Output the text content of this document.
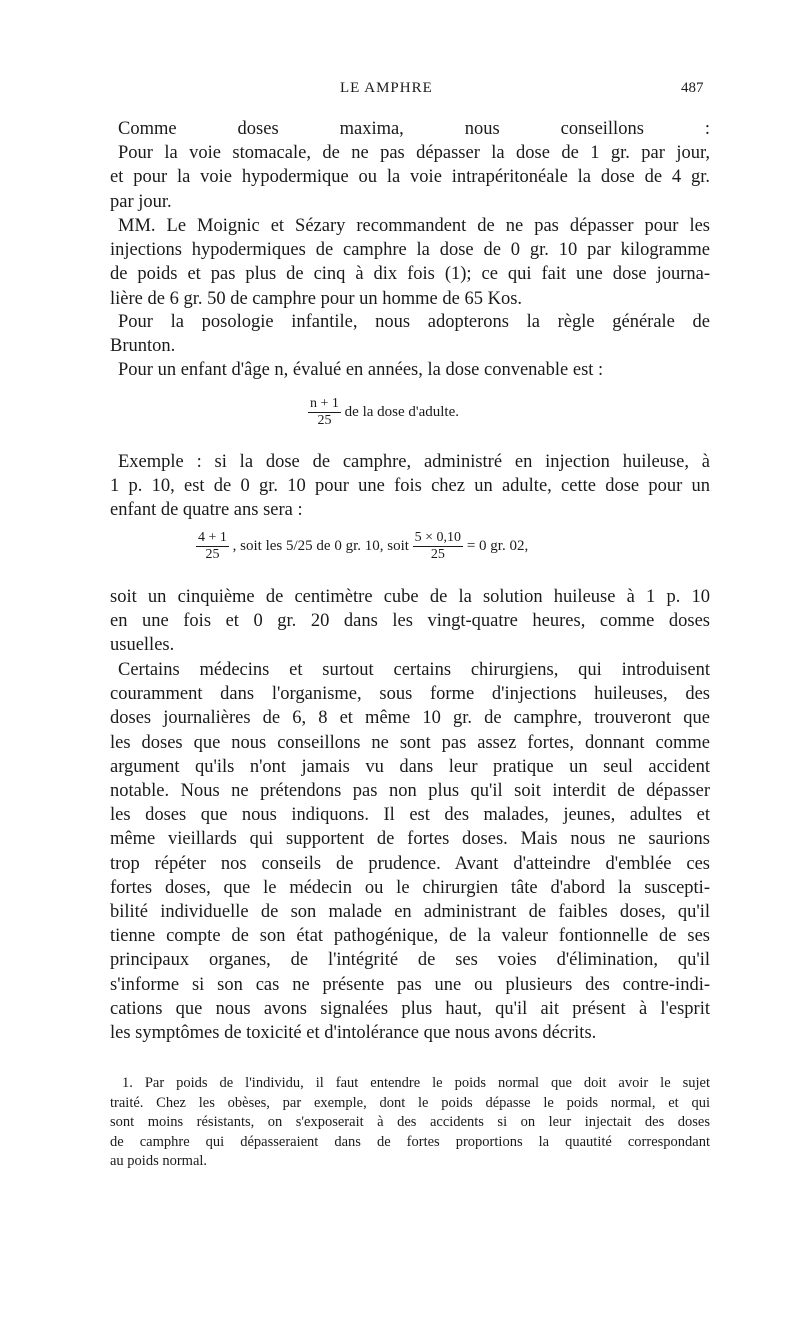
LE AMPHRE	487
Comme doses maxima, nous conseillons :
Pour la voie stomacale, de ne pas dépasser la dose de 1 gr. par jour,
et pour la voie hypodermique ou la voie intrapéritonéale la dose de 4 gr.
par jour.
MM. Le Moignic et Sézary recommandent de ne pas dépasser pour les
injections hypodermiques de camphre la dose de 0 gr. 10 par kilogramme
de poids et pas plus de cinq à dix fois (1); ce qui fait une dose journa-
lière de 6 gr. 50 de camphre pour un homme de 65 Kos.
Pour la posologie infantile, nous adopterons la règle générale de
Brunton.
Pour un enfant d'âge n, évalué en années, la dose convenable est :
$\frac{n + 1}{25}$ de la dose d'adulte.
Exemple : si la dose de camphre, administré en injection huileuse, à
1 p. 10, est de 0 gr. 10 pour une fois chez un adulte, cette dose pour un
enfant de quatre ans sera :
$\frac{4 + 1}{25}$ , soit les 5/25 de 0 gr. 10, soit $\frac{5 \times 0,10}{25} = 0$ gr. 02,
soit un cinquième de centimètre cube de la solution huileuse à 1 p. 10
en une fois et 0 gr. 20 dans les vingt-quatre heures, comme doses
usuelles.
Certains médecins et surtout certains chirurgiens, qui introduisent
couramment dans l'organisme, sous forme d'injections huileuses, des
doses journalières de 6, 8 et même 10 gr. de camphre, trouveront que
les doses que nous conseillons ne sont pas assez fortes, donnant comme
argument qu'ils n'ont jamais vu dans leur pratique un seul accident
notable. Nous ne prétendons pas non plus qu'il soit interdit de dépasser
les doses que nous indiquons. Il est des malades, jeunes, adultes et
même vieillards qui supportent de fortes doses. Mais nous ne saurions
trop répéter nos conseils de prudence. Avant d'atteindre d'emblée ces
fortes doses, que le médecin ou le chirurgien tâte d'abord la suscepti-
bilité individuelle de son malade en administrant de faibles doses, qu'il
tienne compte de son état pathogénique, de la valeur fontionnelle de ses
principaux organes, de l'intégrité de ses voies d'élimination, qu'il
s'informe si son cas ne présente pas une ou plusieurs des contre-indi-
cations que nous avons signalées plus haut, qu'il ait présent à l'esprit
les symptômes de toxicité et d'intolérance que nous avons décrits.
1. Par poids de l'individu, il faut entendre le poids normal que doit avoir le sujet
traité. Chez les obèses, par exemple, dont le poids dépasse le poids normal, et qui
sont moins résistants, on s'exposerait à des accidents si on leur injectait des doses
de camphre qui dépasseraient dans de fortes proportions la quautité correspondant
au poids normal.
